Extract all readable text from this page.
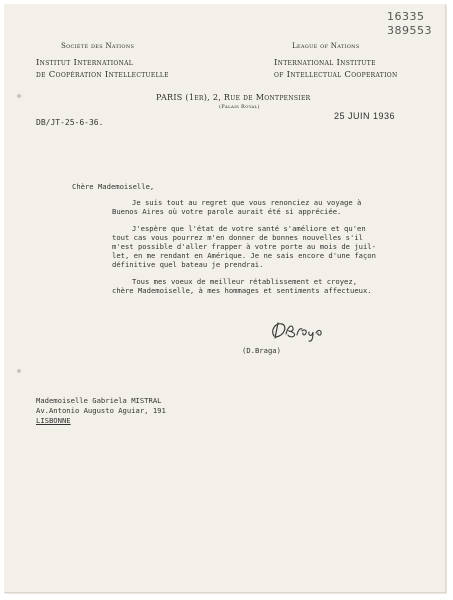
16335
389553
Société des Nations
Institut International
de Coopération Intellectuelle
League of Nations
International Institute
of Intellectual Cooperation
PARIS (1er), 2, Rue de Montpensier
(Palais Royal)
DB/JT-25-6-36.
25 JUIN 1936
Chère Mademoiselle,
Je suis tout au regret que vous renonciez au voyage à
Buenos Aires où votre parole aurait été si appréciée.
J'espère que l'état de votre santé s'améliore et qu'en
tout cas vous pourrez m'en donner de bonnes nouvelles s'il
m'est possible d'aller frapper à votre porte au mois de juil-
let, en me rendant en Amérique. Je ne sais encore d'une façon
définitive quel bateau je prendrai.
Tous mes voeux de meilleur rétablissement et croyez,
chère Mademoiselle, à mes hommages et sentiments affectueux.
(D.Braga)
Mademoiselle Gabriela MISTRAL
Av.Antonio Augusto Aguiar, 191
LISBONNE
